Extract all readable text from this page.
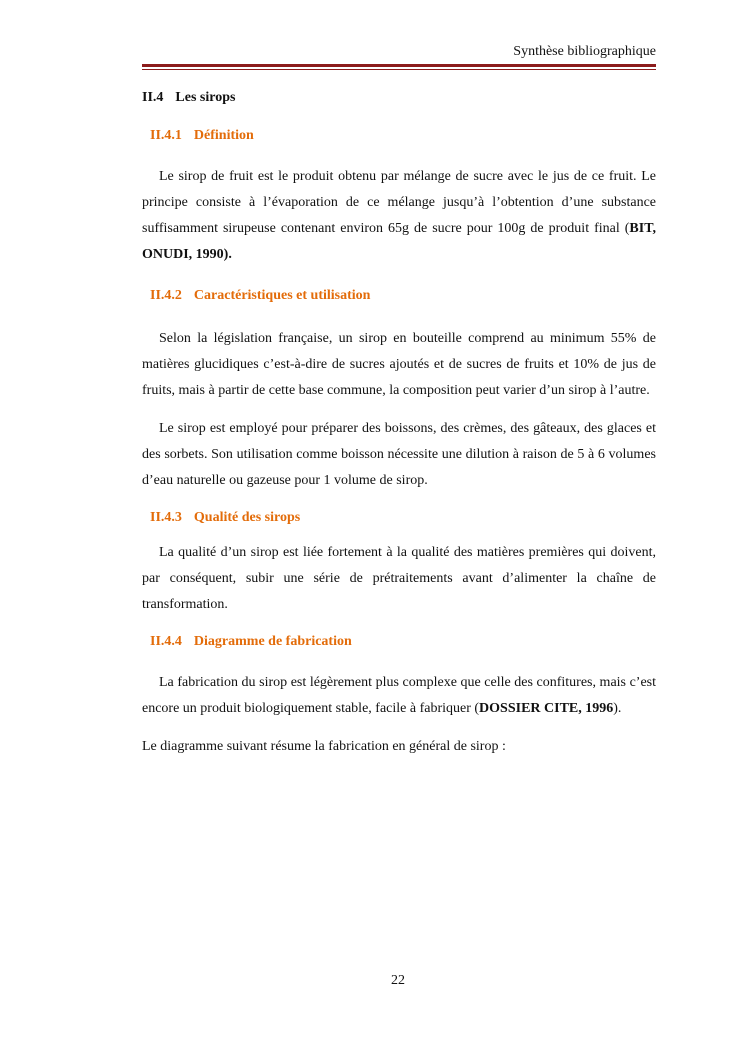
Synthèse bibliographique
II.4 Les sirops
II.4.1 Définition

Le sirop de fruit est le produit obtenu par mélange de sucre avec le jus de ce fruit. Le principe consiste à l’évaporation de ce mélange jusqu’à l’obtention d’une substance suffisamment sirupeuse contenant environ 65g de sucre pour 100g de produit final (BIT, ONUDI, 1990).

II.4.2 Caractéristiques et utilisation

Selon la législation française, un sirop en bouteille comprend au minimum 55% de matières glucidiques c’est-à-dire de sucres ajoutés et de sucres de fruits et 10% de jus de fruits, mais à partir de cette base commune, la composition peut varier d’un sirop à l’autre.

Le sirop est employé pour préparer des boissons, des crèmes, des gâteaux, des glaces et des sorbets. Son utilisation comme boisson nécessite une dilution à raison de 5 à 6 volumes d’eau naturelle ou gazeuse pour 1 volume de sirop.

II.4.3 Qualité des sirops

La qualité d’un sirop est liée fortement à la qualité des matières premières qui doivent, par conséquent, subir une série de prétraitements avant d’alimenter la chaîne de transformation.

II.4.4 Diagramme de fabrication

La fabrication du sirop est légèrement plus complexe que celle des confitures, mais c’est encore un produit biologiquement stable, facile à fabriquer (DOSSIER CITE, 1996).

Le diagramme suivant résume la fabrication en général de sirop :

22
